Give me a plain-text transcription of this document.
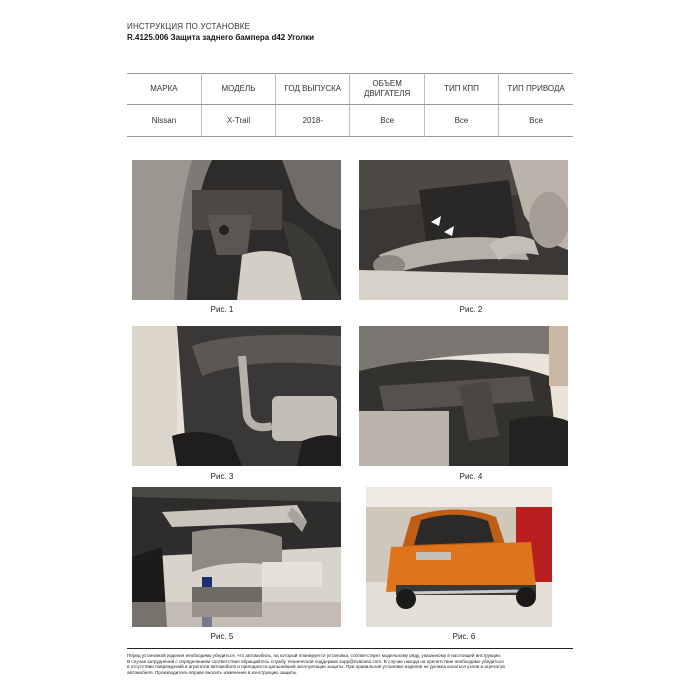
ИНСТРУКЦИЯ ПО УСТАНОВКЕ
R.4125.006 Защита заднего бампера d42 Уголки
МАРКА	МОДЕЛЬ	ГОД ВЫПУСКА	ОБЪЕМ ДВИГАТЕЛЯ	ТИП КПП	ТИП ПРИВОДА
Nissan	X-Trail	2018-	Все	Все	Все
Рис. 1	Рис. 2
Рис. 3	Рис. 4
Рис. 5	Рис. 6

Перед установкой изделия необходимо убедиться, что автомобиль, на который планируется установка, соответствует модельному ряду, указанному в настоящей инструкции.

В случае затруднений с определением соответствия обращайтесь службу технической поддержки supp@rivalauto.com. В случае находа на препятствие необходимо убедиться

в отсутствии повреждений и агрегатов автомобиля и пригодности дальнейшей эксплуатации защиты. При правильной установке изделия не должна касаться узлов и агрегатов

автомобиля. Производитель вправе вносить изменения в конструкцию защиты.
